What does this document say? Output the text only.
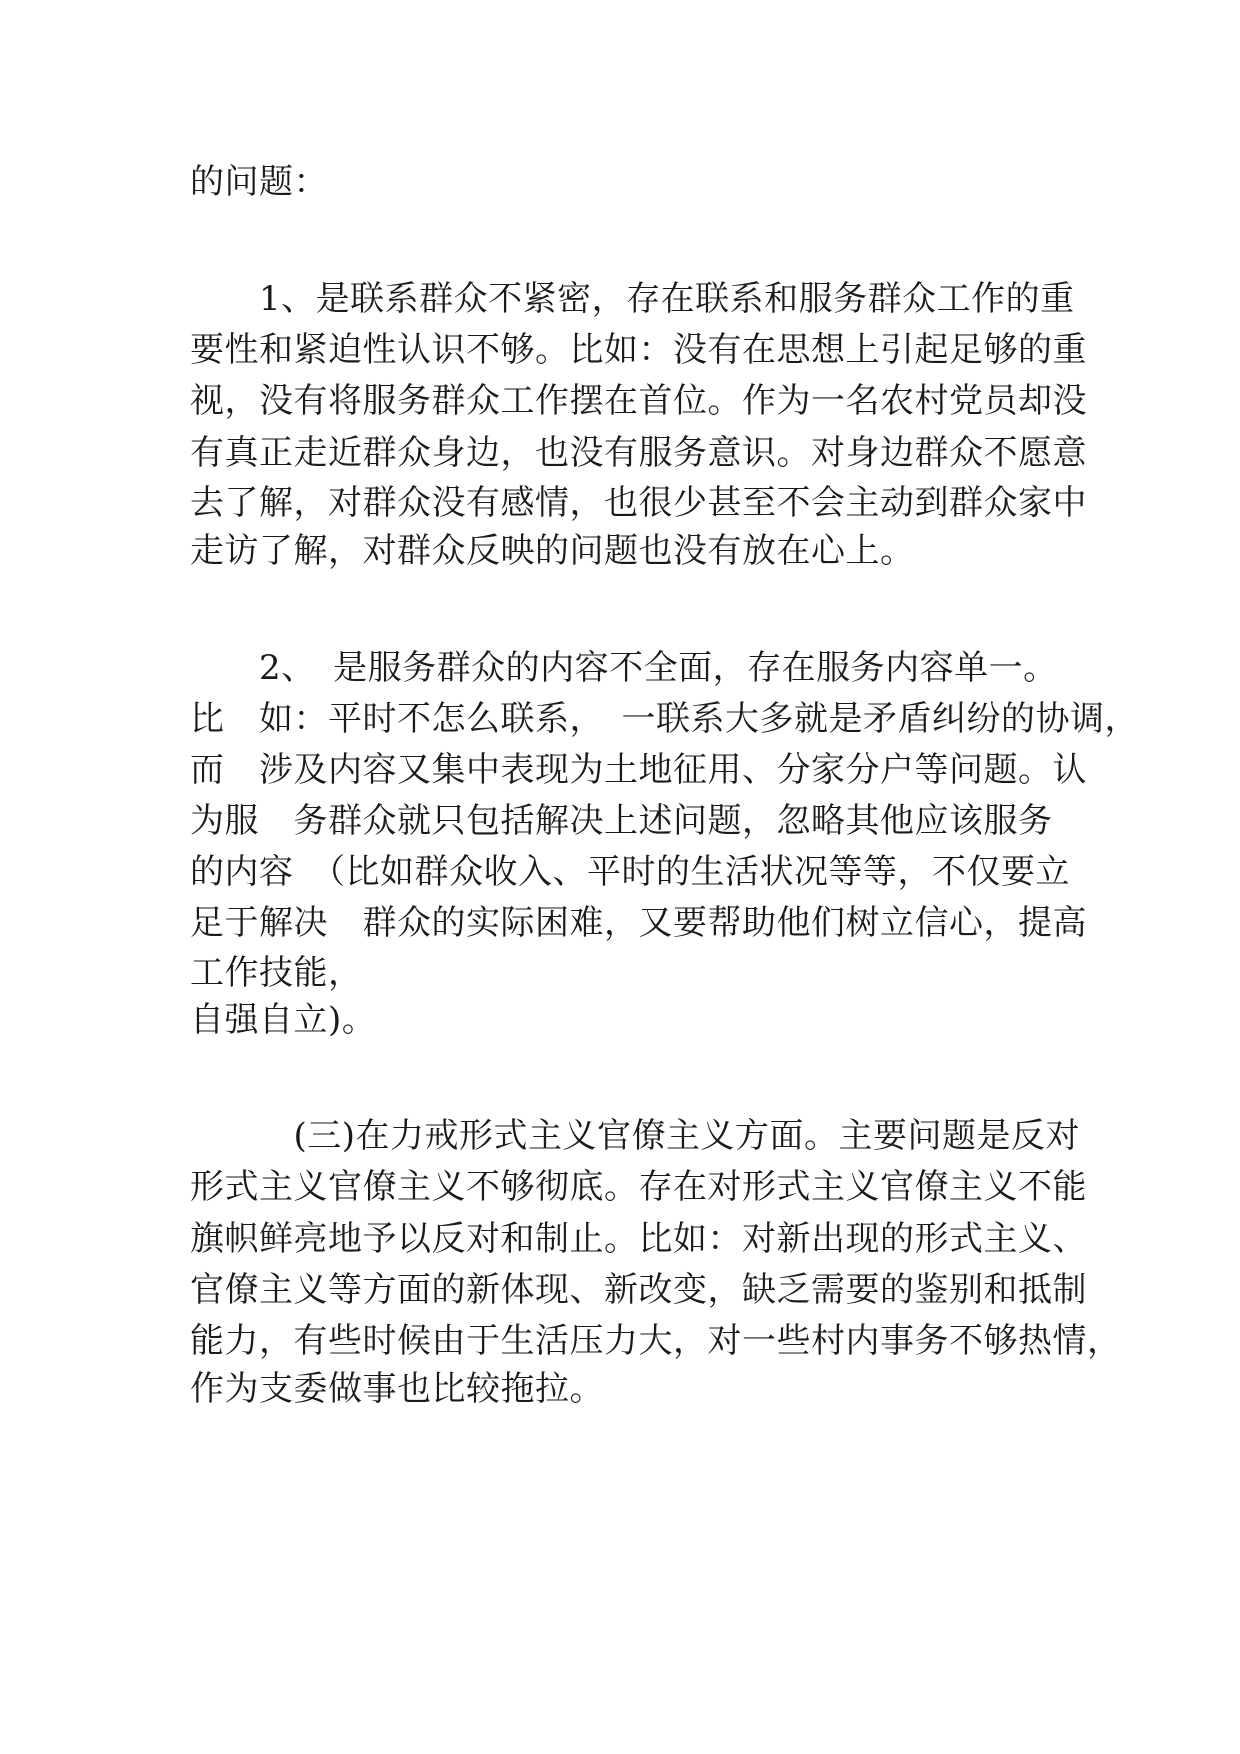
的问题：
　　1、是联系群众不紧密，存在联系和服务群众工作的重
要性和紧迫性认识不够。比如：没有在思想上引起足够的重
视，没有将服务群众工作摆在首位。作为一名农村党员却没
有真正走近群众身边，也没有服务意识。对身边群众不愿意
去了解，对群众没有感情，也很少甚至不会主动到群众家中
走访了解，对群众反映的问题也没有放在心上。
　　2、　是服务群众的内容不全面，存在服务内容单一。
比　如：平时不怎么联系，　一联系大多就是矛盾纠纷的协调，
而　涉及内容又集中表现为土地征用、分家分户等问题。认
为服　务群众就只包括解决上述问题，忽略其他应该服务
的内容　（比如群众收入、平时的生活状况等等，不仅要立
足于解决　群众的实际困难，又要帮助他们树立信心，提高
工作技能，
自强自立)。
　　　(三)在力戒形式主义官僚主义方面。主要问题是反对
形式主义官僚主义不够彻底。存在对形式主义官僚主义不能
旗帜鲜亮地予以反对和制止。比如：对新出现的形式主义、
官僚主义等方面的新体现、新改变，缺乏需要的鉴别和抵制
能力，有些时候由于生活压力大，对一些村内事务不够热情，
作为支委做事也比较拖拉。
